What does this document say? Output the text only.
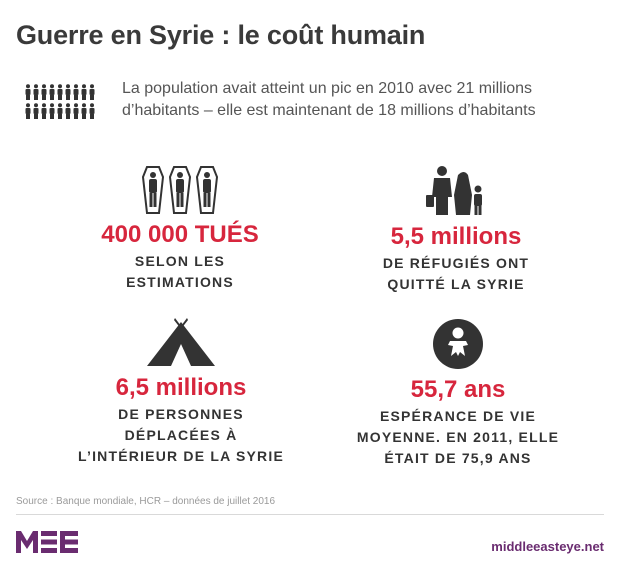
Guerre en Syrie : le coût humain
La population avait atteint un pic en 2010 avec 21 millions d’habitants – elle est maintenant de 18 millions d’habitants
400 000 TUÉS
SELON LES
ESTIMATIONS
5,5 millions
DE RÉFUGIÉS ONT
QUITTÉ LA SYRIE
6,5 millions
DE PERSONNES
DÉPLACÉES À
L’INTÉRIEUR DE LA SYRIE
55,7 ans
ESPÉRANCE DE VIE
MOYENNE. EN 2011, ELLE
ÉTAIT DE 75,9 ANS
Source : Banque mondiale, HCR – données de juillet 2016
middleeasteye.net
